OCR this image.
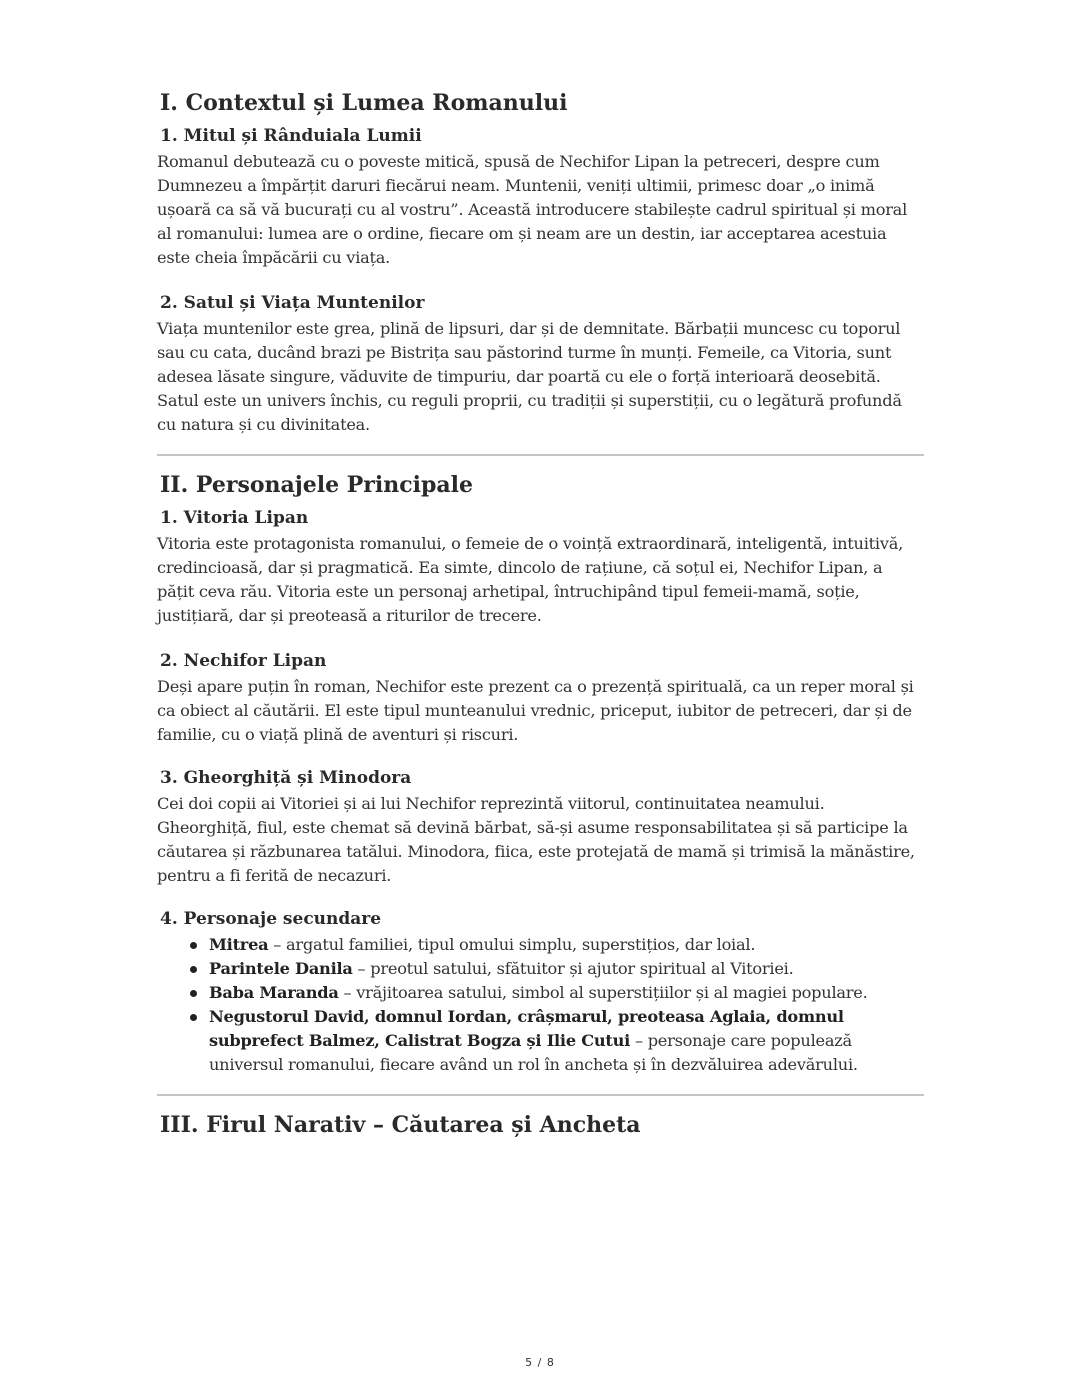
I. Contextul și Lumea Romanului
1. Mitul și Rânduiala Lumii

Romanul debutează cu o poveste mitică, spusă de Nechifor Lipan la petreceri, despre cum Dumnezeu a împărțit daruri fiecărui neam. Muntenii, veniți ultimii, primesc doar „o inimă ușoară ca să vă bucurați cu al vostru”. Această introducere stabilește cadrul spiritual și moral al romanului: lumea are o ordine, fiecare om și neam are un destin, iar acceptarea acestuia este cheia împăcării cu viața.

2. Satul și Viața Muntenilor

Viața muntenilor este grea, plină de lipsuri, dar și de demnitate. Bărbații muncesc cu toporul sau cu cata, ducând brazi pe Bistrița sau păstorind turme în munți. Femeile, ca Vitoria, sunt adesea lăsate singure, văduvite de timpuriu, dar poartă cu ele o forță interioară deosebită. Satul este un univers închis, cu reguli proprii, cu tradiții și superstiții, cu o legătură profundă cu natura și cu divinitatea.

II. Personajele Principale
1. Vitoria Lipan

Vitoria este protagonista romanului, o femeie de o voință extraordinară, inteligentă, intuitivă, credincioasă, dar și pragmatică. Ea simte, dincolo de rațiune, că soțul ei, Nechifor Lipan, a pățit ceva rău. Vitoria este un personaj arhetipal, întruchipând tipul femeii-mamă, soție, justițiară, dar și preoteasă a riturilor de trecere.

2. Nechifor Lipan

Deși apare puțin în roman, Nechifor este prezent ca o prezență spirituală, ca un reper moral și ca obiect al căutării. El este tipul munteanului vrednic, priceput, iubitor de petreceri, dar și de familie, cu o viață plină de aventuri și riscuri.

3. Gheorghiță și Minodora

Cei doi copii ai Vitoriei și ai lui Nechifor reprezintă viitorul, continuitatea neamului. Gheorghiță, fiul, este chemat să devină bărbat, să-și asume responsabilitatea și să participe la căutarea și răzbunarea tatălui. Minodora, fiica, este protejată de mamă și trimisă la mănăstire, pentru a fi ferită de necazuri.

4. Personaje secundare
Mitrea – argatul familiei, tipul omului simplu, superstițios, dar loial.
Parintele Danila – preotul satului, sfătuitor și ajutor spiritual al Vitoriei.
Baba Maranda – vrăjitoarea satului, simbol al superstițiilor și al magiei populare.
Negustorul David, domnul Iordan, crâșmarul, preoteasa Aglaia, domnul subprefect Balmez, Calistrat Bogza și Ilie Cutui – personaje care populează universul romanului, fiecare având un rol în ancheta și în dezvăluirea adevărului.
III. Firul Narativ – Căutarea și Ancheta
5 / 8
